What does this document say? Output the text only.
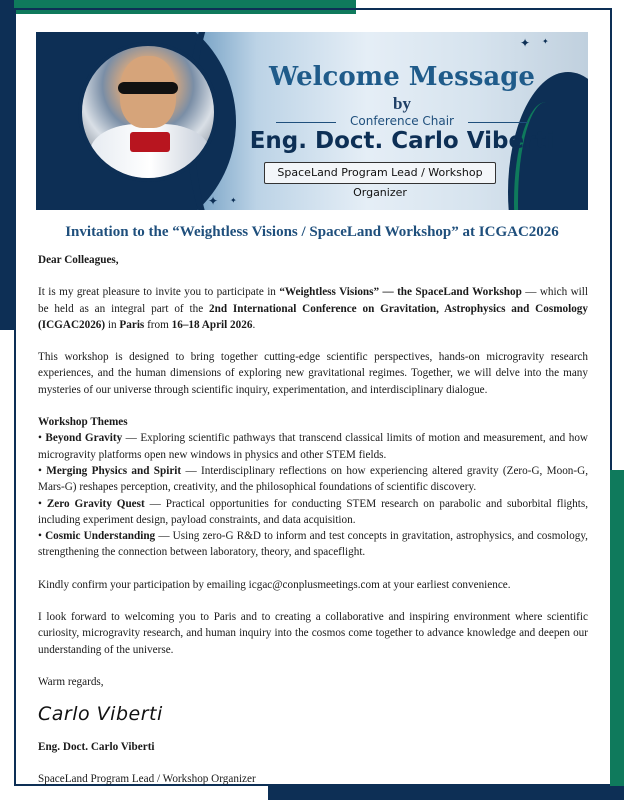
✦ ✦
✦ ✦
Welcome Message
by
Conference Chair
Eng. Doct. Carlo Viberti
SpaceLand Program Lead / Workshop Organizer
Invitation to the “Weightless Visions / SpaceLand Workshop” at ICGAC2026

Dear Colleagues,

It is my great pleasure to invite you to participate in “Weightless Visions” — the SpaceLand Workshop — which will be held as an integral part of the 2nd International Conference on Gravitation, Astrophysics and Cosmology (ICGAC2026) in Paris from 16–18 April 2026.

This workshop is designed to bring together cutting-edge scientific perspectives, hands-on microgravity research experiences, and the human dimensions of exploring new gravitational regimes. Together, we will delve into the many mysteries of our universe through scientific inquiry, experimentation, and interdisciplinary dialogue.

Workshop Themes

• Beyond Gravity — Exploring scientific pathways that transcend classical limits of motion and measurement, and how microgravity platforms open new windows in physics and other STEM fields.

• Merging Physics and Spirit — Interdisciplinary reflections on how experiencing altered gravity (Zero-G, Moon-G, Mars-G) reshapes perception, creativity, and the philosophical foundations of scientific discovery.

• Zero Gravity Quest — Practical opportunities for conducting STEM research on parabolic and suborbital flights, including experiment design, payload constraints, and data acquisition.

• Cosmic Understanding — Using zero-G R&D to inform and test concepts in gravitation, astrophysics, and cosmology, strengthening the connection between laboratory, theory, and spaceflight.

Kindly confirm your participation by emailing icgac@conplusmeetings.com at your earliest convenience.

I look forward to welcoming you to Paris and to creating a collaborative and inspiring environment where scientific curiosity, microgravity research, and human inquiry into the cosmos come together to advance knowledge and deepen our understanding of the universe.

Warm regards,

Carlo Viberti

Eng. Doct. Carlo Viberti

SpaceLand Program Lead / Workshop Organizer
